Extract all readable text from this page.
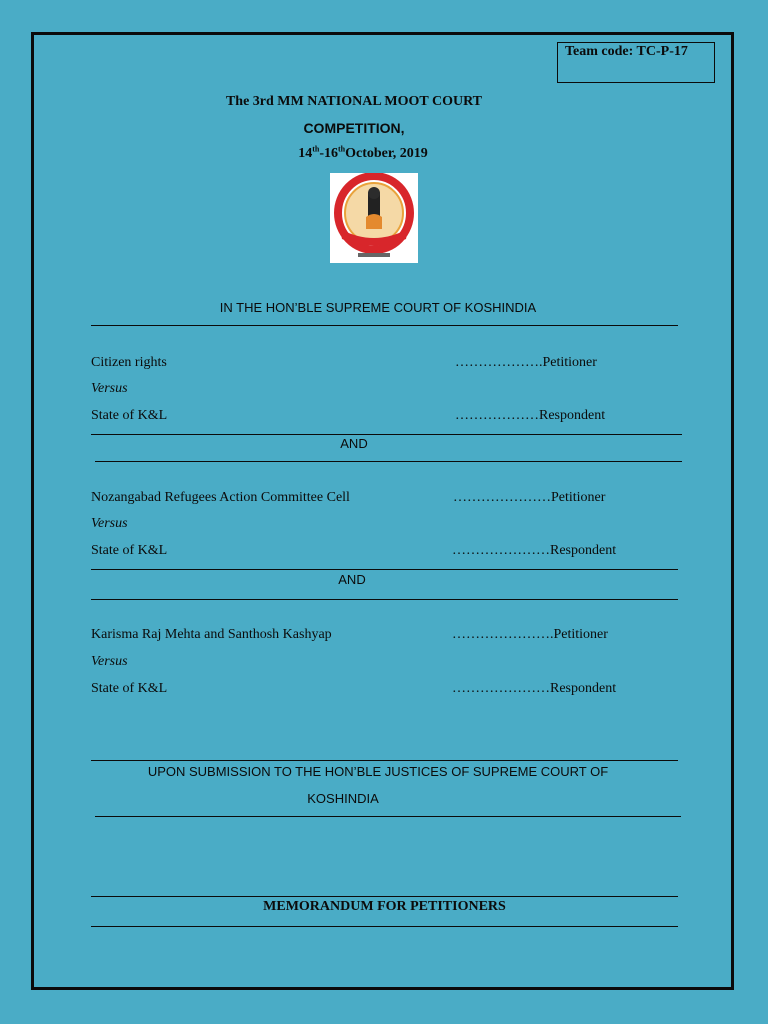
Team code: TC-P-17
The 3rd MM NATIONAL MOOT COURT
COMPETITION,
14th-16thOctober, 2019
IN THE HON’BLE SUPREME COURT OF KOSHINDIA
Citizen rights	……………….Petitioner
Versus
State of K&L	………………Respondent
AND
Nozangabad Refugees Action Committee Cell	…………………Petitioner
Versus
State of K&L	…………………Respondent
AND
Karisma Raj Mehta and Santhosh Kashyap	………………….Petitioner
Versus
State of K&L	…………………Respondent
UPON SUBMISSION TO THE HON’BLE JUSTICES OF SUPREME COURT OF
KOSHINDIA
MEMORANDUM FOR PETITIONERS
